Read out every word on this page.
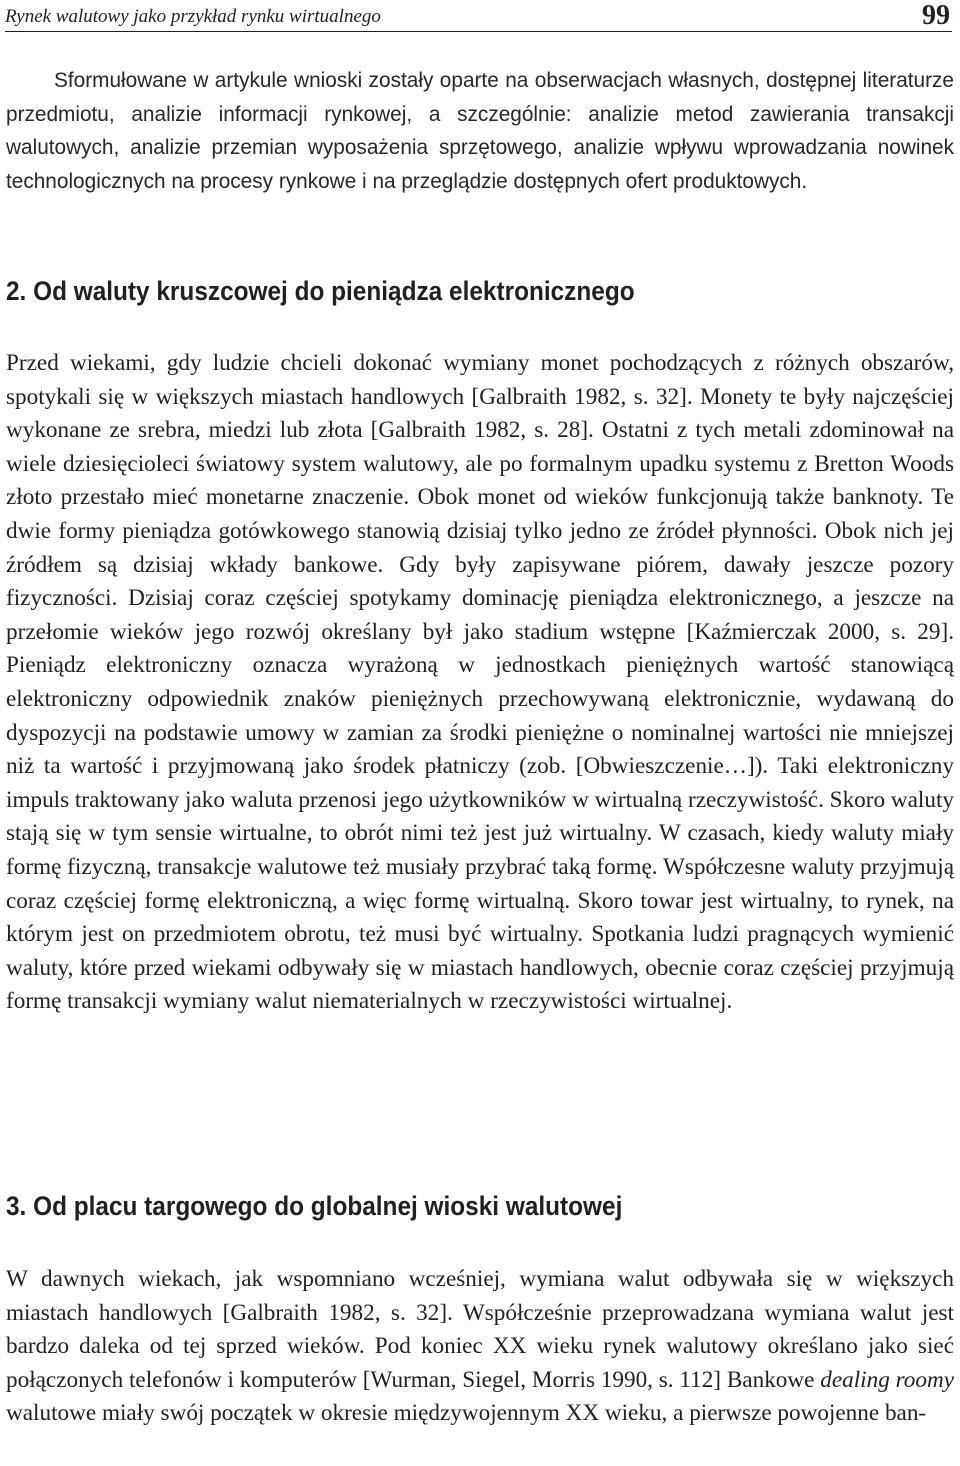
Rynek walutowy jako przykład rynku wirtualnego	99

Sformułowane w artykule wnioski zostały oparte na obserwacjach własnych, dostępnej literaturze przedmiotu, analizie informacji rynkowej, a szczególnie: analizie metod zawierania transakcji walutowych, analizie przemian wyposażenia sprzętowego, analizie wpływu wprowadzania nowinek technologicznych na procesy rynkowe i na przeglądzie dostępnych ofert produktowych.

2. Od waluty kruszcowej do pieniądza elektronicznego

Przed wiekami, gdy ludzie chcieli dokonać wymiany monet pochodzących z różnych obszarów, spotykali się w większych miastach handlowych [Galbraith 1982, s. 32]. Monety te były najczęściej wykonane ze srebra, miedzi lub złota [Galbraith 1982, s. 28]. Ostatni z tych metali zdominował na wiele dziesięcioleci światowy system walutowy, ale po formalnym upadku systemu z Bretton Woods złoto przestało mieć monetarne znaczenie. Obok monet od wieków funkcjonują także banknoty. Te dwie formy pieniądza gotówkowego stanowią dzisiaj tylko jedno ze źródeł płynności. Obok nich jej źródłem są dzisiaj wkłady bankowe. Gdy były zapisywane piórem, dawały jeszcze pozory fizyczności. Dzisiaj coraz częściej spotykamy dominację pieniądza elektronicznego, a jeszcze na przełomie wieków jego rozwój określany był jako stadium wstępne [Kaźmierczak 2000, s. 29]. Pieniądz elektroniczny oznacza wyrażoną w jednostkach pieniężnych wartość stanowiącą elektroniczny odpowiednik znaków pieniężnych przechowywaną elektronicznie, wydawaną do dyspozycji na podstawie umowy w zamian za środki pieniężne o nominalnej wartości nie mniejszej niż ta wartość i przyjmowaną jako środek płatniczy (zob. [Obwieszczenie…]). Taki elektroniczny impuls traktowany jako waluta przenosi jego użytkowników w wirtualną rzeczywistość. Skoro waluty stają się w tym sensie wirtualne, to obrót nimi też jest już wirtualny. W czasach, kiedy waluty miały formę fizyczną, transakcje walutowe też musiały przybrać taką formę. Współczesne waluty przyjmują coraz częściej formę elektroniczną, a więc formę wirtualną. Skoro towar jest wirtualny, to rynek, na którym jest on przedmiotem obrotu, też musi być wirtualny. Spotkania ludzi pragnących wymienić waluty, które przed wiekami odbywały się w miastach handlowych, obecnie coraz częściej przyjmują formę transakcji wymiany walut niematerialnych w rzeczywistości wirtualnej.

3. Od placu targowego do globalnej wioski walutowej

W dawnych wiekach, jak wspomniano wcześniej, wymiana walut odbywała się w większych miastach handlowych [Galbraith 1982, s. 32]. Współcześnie przeprowadzana wymiana walut jest bardzo daleka od tej sprzed wieków. Pod koniec XX wieku rynek walutowy określano jako sieć połączonych telefonów i komputerów [Wurman, Siegel, Morris 1990, s. 112] Bankowe dealing roomy walutowe miały swój początek w okresie międzywojennym XX wieku, a pierwsze powojenne ban-
